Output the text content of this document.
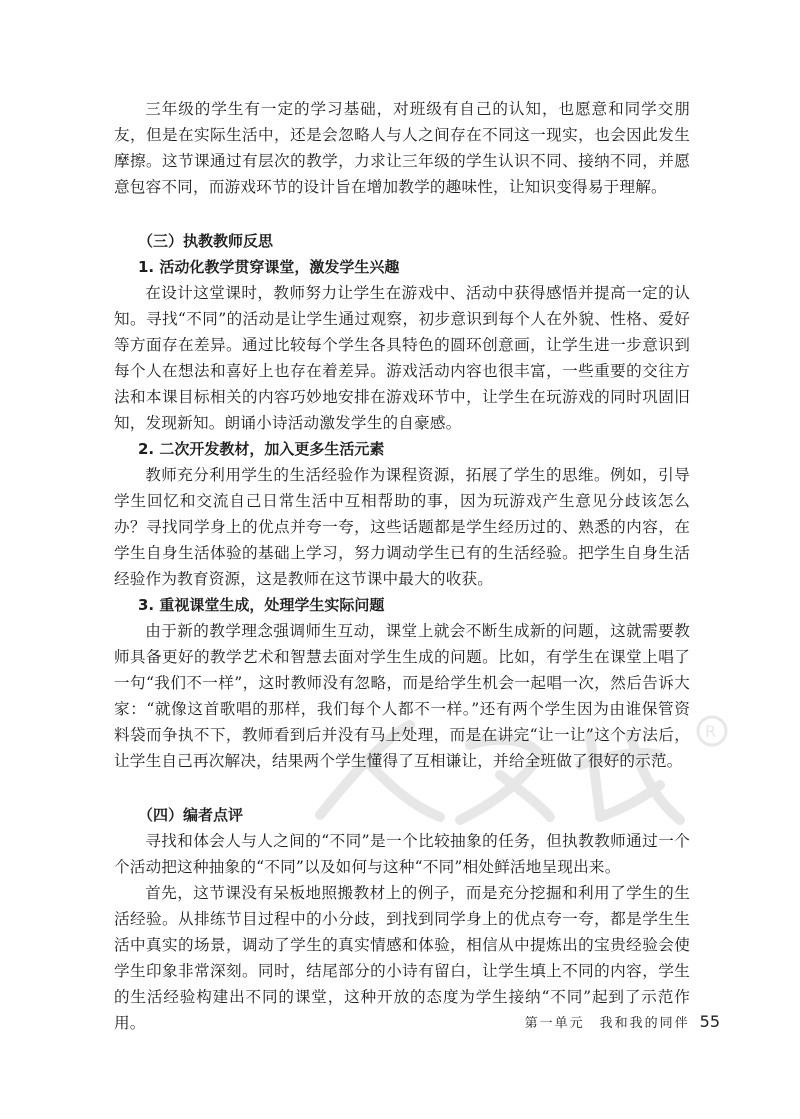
R

三年级的学生有一定的学习基础，对班级有自己的认知，也愿意和同学交朋友，但是在实际生活中，还是会忽略人与人之间存在不同这一现实，也会因此发生摩擦。这节课通过有层次的教学，力求让三年级的学生认识不同、接纳不同，并愿意包容不同，而游戏环节的设计旨在增加教学的趣味性，让知识变得易于理解。

（三）执教教师反思

1. 活动化教学贯穿课堂，激发学生兴趣

在设计这堂课时，教师努力让学生在游戏中、活动中获得感悟并提高一定的认知。寻找“不同”的活动是让学生通过观察，初步意识到每个人在外貌、性格、爱好等方面存在差异。通过比较每个学生各具特色的圆环创意画，让学生进一步意识到每个人在想法和喜好上也存在着差异。游戏活动内容也很丰富，一些重要的交往方法和本课目标相关的内容巧妙地安排在游戏环节中，让学生在玩游戏的同时巩固旧知，发现新知。朗诵小诗活动激发学生的自豪感。

2. 二次开发教材，加入更多生活元素

教师充分利用学生的生活经验作为课程资源，拓展了学生的思维。例如，引导学生回忆和交流自己日常生活中互相帮助的事，因为玩游戏产生意见分歧该怎么办？寻找同学身上的优点并夸一夸，这些话题都是学生经历过的、熟悉的内容，在学生自身生活体验的基础上学习，努力调动学生已有的生活经验。把学生自身生活经验作为教育资源，这是教师在这节课中最大的收获。

3. 重视课堂生成，处理学生实际问题

由于新的教学理念强调师生互动，课堂上就会不断生成新的问题，这就需要教师具备更好的教学艺术和智慧去面对学生生成的问题。比如，有学生在课堂上唱了一句“我们不一样”，这时教师没有忽略，而是给学生机会一起唱一次，然后告诉大家：“就像这首歌唱的那样，我们每个人都不一样。”还有两个学生因为由谁保管资料袋而争执不下，教师看到后并没有马上处理，而是在讲完“让一让”这个方法后，让学生自己再次解决，结果两个学生懂得了互相谦让，并给全班做了很好的示范。

（四）编者点评

寻找和体会人与人之间的“不同”是一个比较抽象的任务，但执教教师通过一个个活动把这种抽象的“不同”以及如何与这种“不同”相处鲜活地呈现出来。

首先，这节课没有呆板地照搬教材上的例子，而是充分挖掘和利用了学生的生活经验。从排练节目过程中的小分歧，到找到同学身上的优点夸一夸，都是学生生活中真实的场景，调动了学生的真实情感和体验，相信从中提炼出的宝贵经验会使学生印象非常深刻。同时，结尾部分的小诗有留白，让学生填上不同的内容，学生的生活经验构建出不同的课堂，这种开放的态度为学生接纳“不同”起到了示范作用。	第一单元　我和我的同伴 55
